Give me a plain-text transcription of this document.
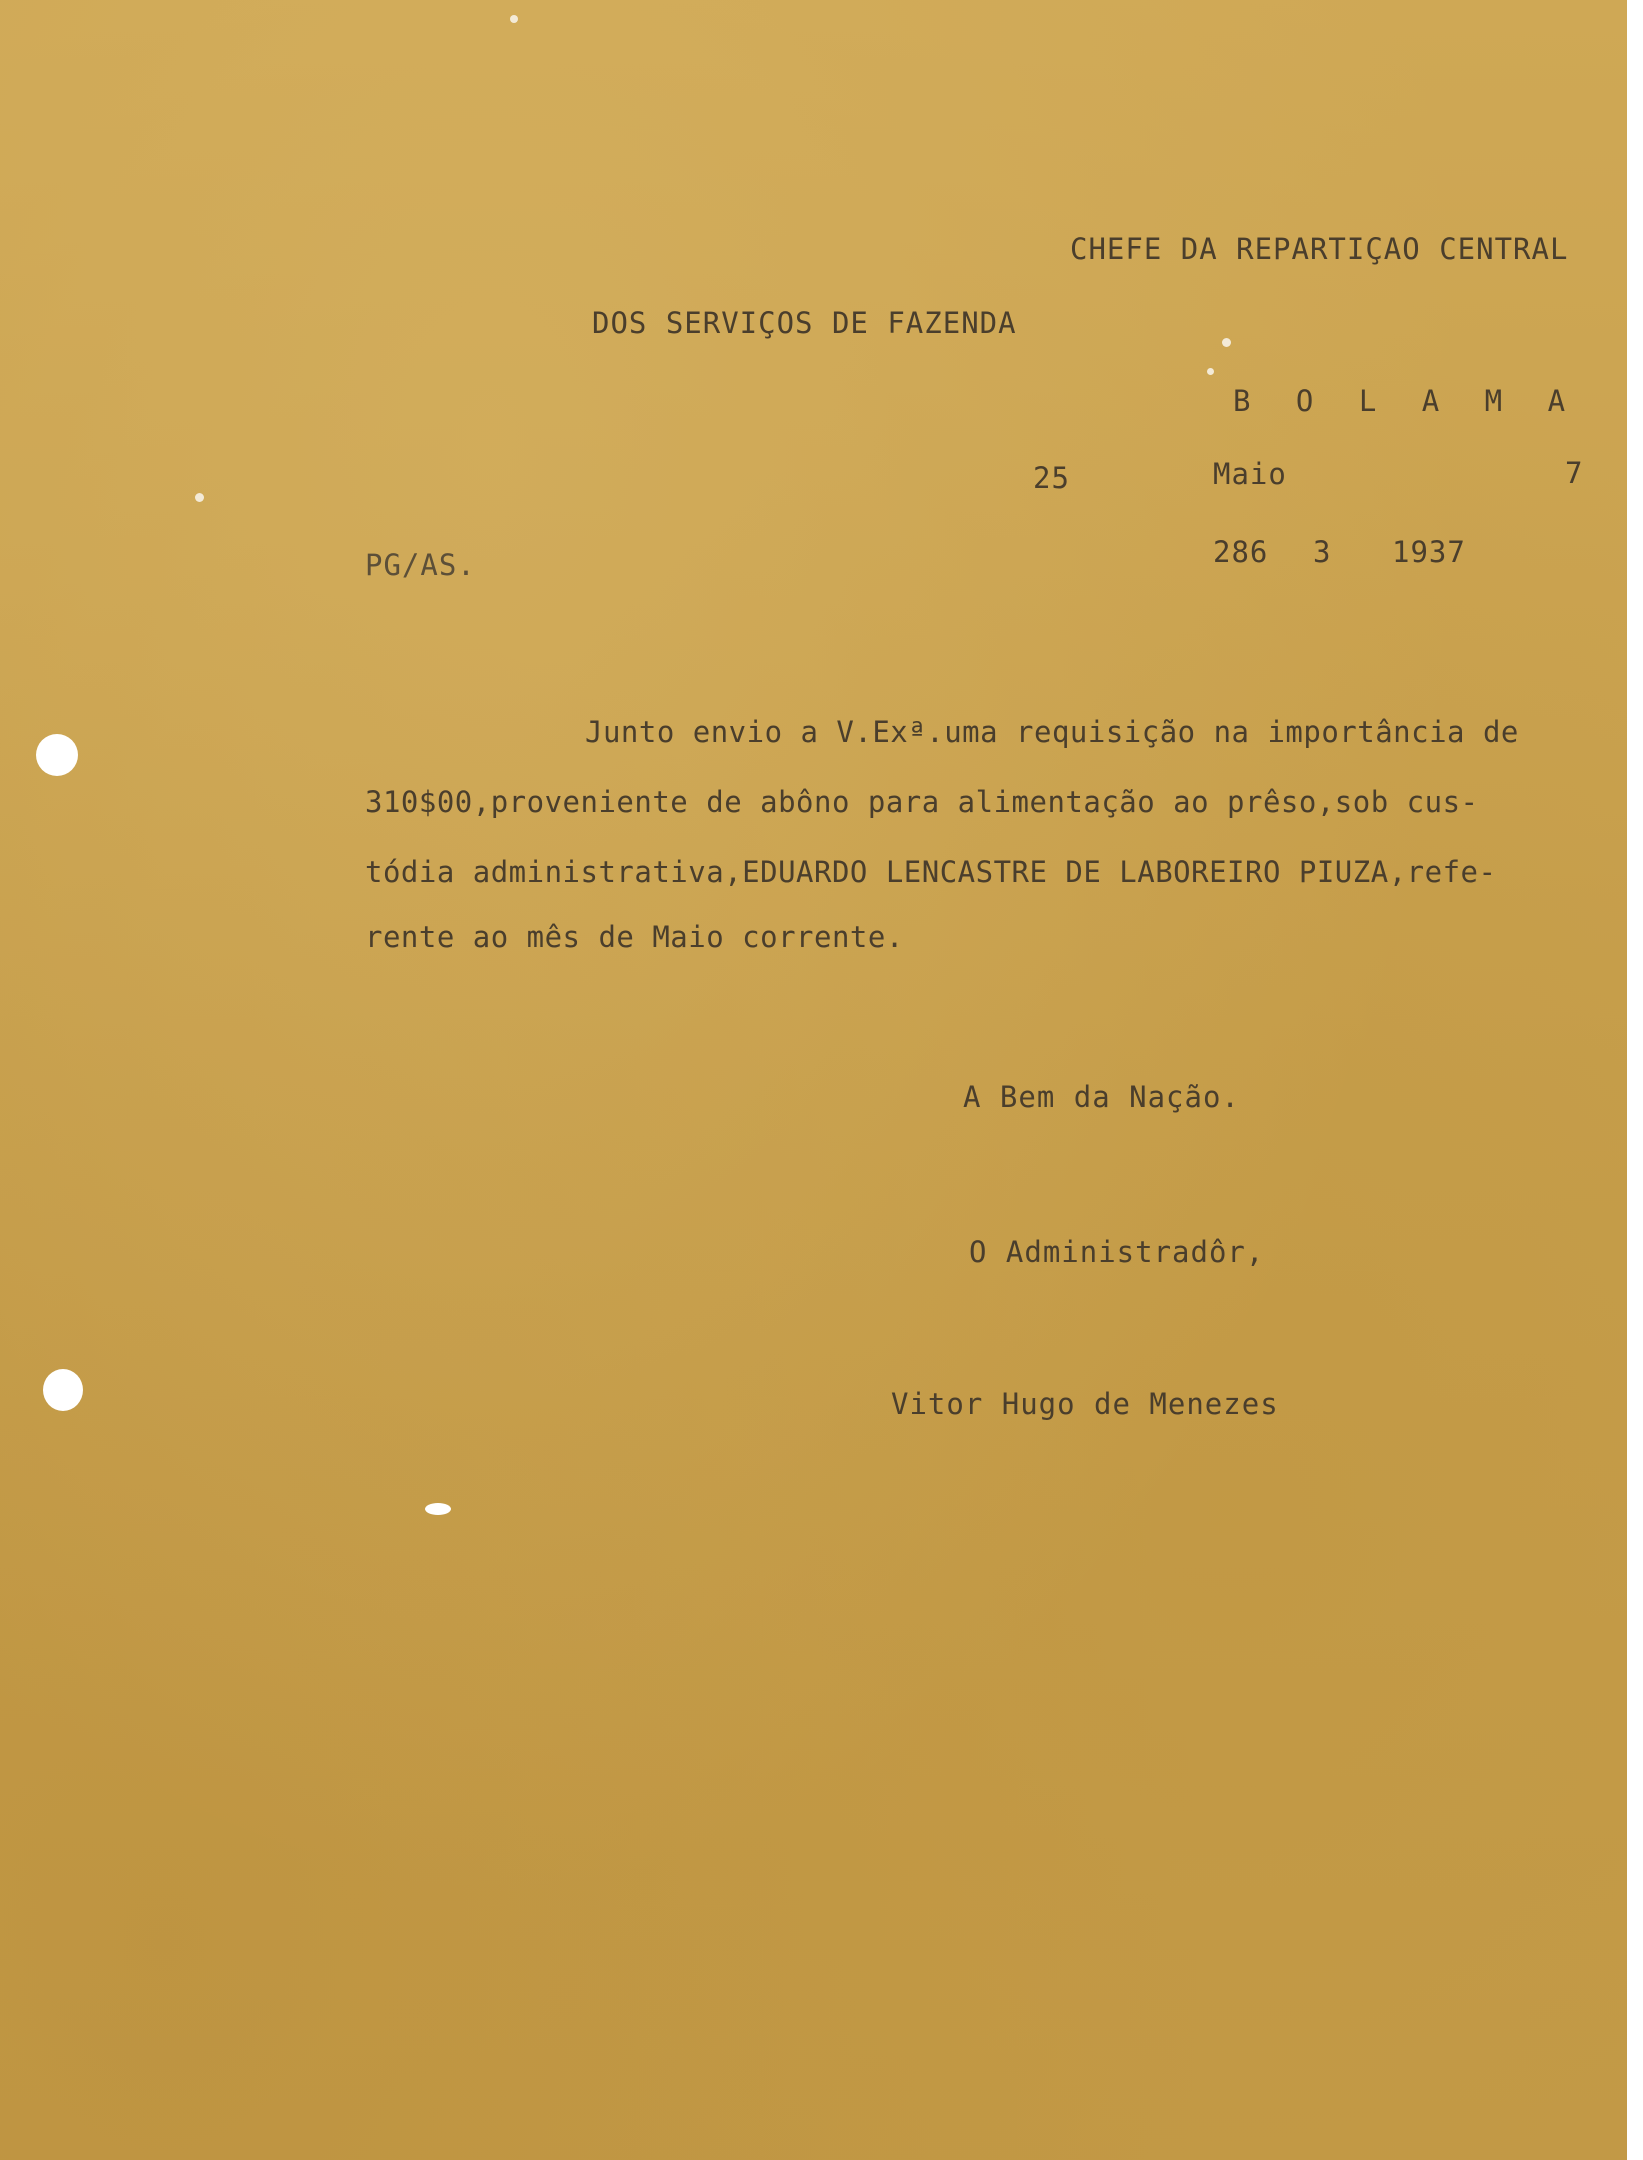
CHEFE DA REPARTIÇAO CENTRAL
DOS SERVIÇOS DE FAZENDA
B O L A M A
25	Maio	7
PG/AS.	286 3 1937
Junto envio a V.Exª.uma requisição na importância de
310$00,proveniente de abôno para alimentação ao prêso,sob cus-
tódia administrativa,EDUARDO LENCASTRE DE LABOREIRO PIUZA,refe-
rente ao mês de Maio corrente.
A Bem da Nação.
O Administradôr,
Vitor Hugo de Menezes
